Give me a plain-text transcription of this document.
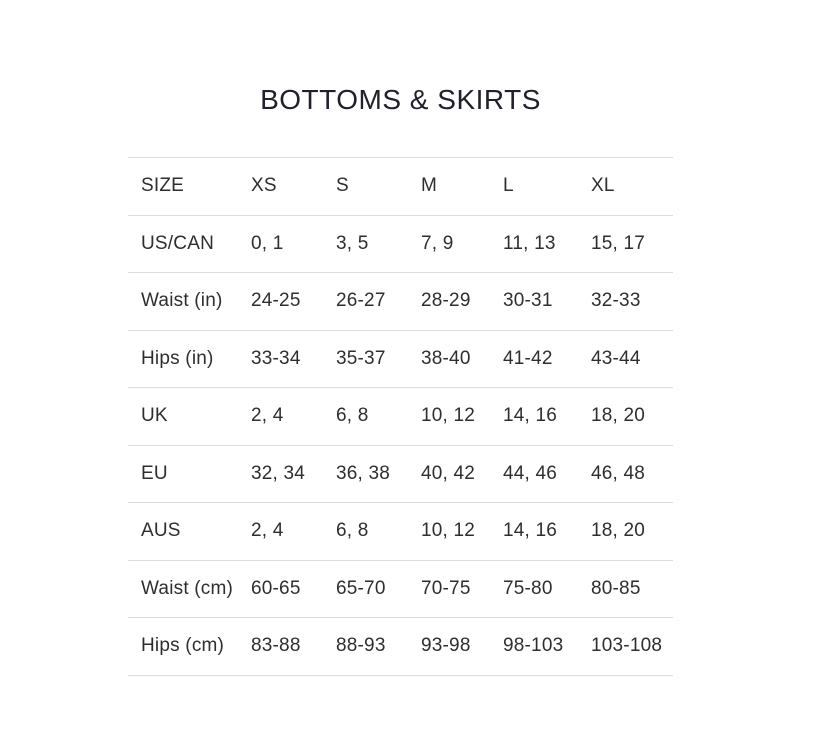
BOTTOMS & SKIRTS
SIZE	XS	S	M	L	XL
US/CAN	0, 1	3, 5	7, 9	11, 13	15, 17
Waist (in)	24-25	26-27	28-29	30-31	32-33
Hips (in)	33-34	35-37	38-40	41-42	43-44
UK	2, 4	6, 8	10, 12	14, 16	18, 20
EU	32, 34	36, 38	40, 42	44, 46	46, 48
AUS	2, 4	6, 8	10, 12	14, 16	18, 20
Waist (cm) 60-65	65-70	70-75	75-80	80-85
Hips (cm)	83-88	88-93	93-98	98-103	103-108
